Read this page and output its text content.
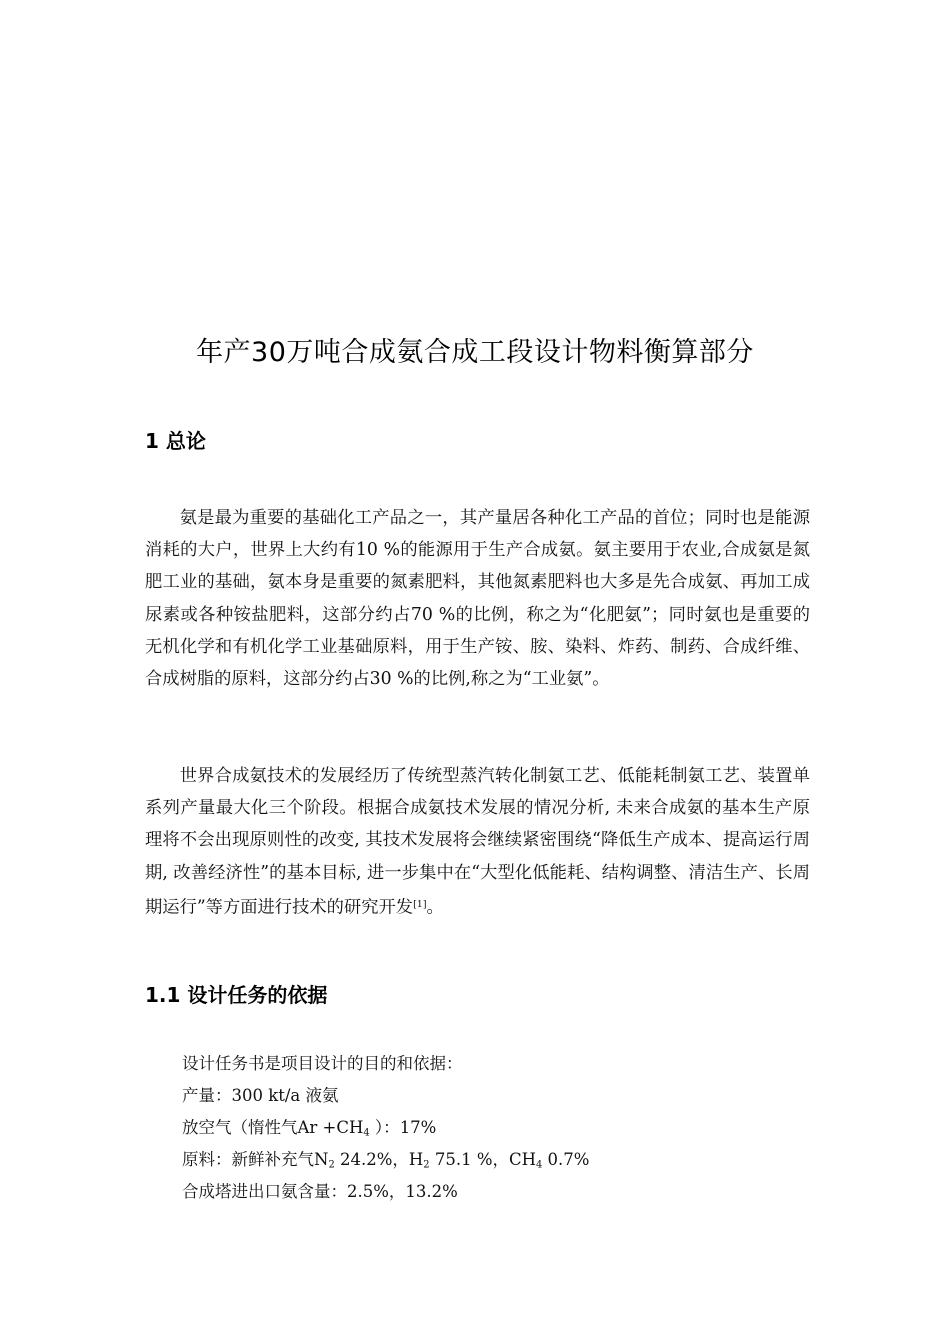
年产30万吨合成氨合成工段设计物料衡算部分
1 总论
氨是最为重要的基础化工产品之一，其产量居各种化工产品的首位；同时也是能源消耗的大户，世界上大约有10 %的能源用于生产合成氨。氨主要用于农业,合成氨是氮肥工业的基础，氨本身是重要的氮素肥料，其他氮素肥料也大多是先合成氨、再加工成尿素或各种铵盐肥料，这部分约占70 %的比例，称之为“化肥氨”；同时氨也是重要的无机化学和有机化学工业基础原料，用于生产铵、胺、染料、炸药、制药、合成纤维、合成树脂的原料，这部分约占30 %的比例,称之为“工业氨”。
世界合成氨技术的发展经历了传统型蒸汽转化制氨工艺、低能耗制氨工艺、装置单系列产量最大化三个阶段。根据合成氨技术发展的情况分析, 未来合成氨的基本生产原理将不会出现原则性的改变, 其技术发展将会继续紧密围绕“降低生产成本、提高运行周期, 改善经济性”的基本目标, 进一步集中在“大型化低能耗、结构调整、清洁生产、长周期运行”等方面进行技术的研究开发[1]。
1.1 设计任务的依据
设计任务书是项目设计的目的和依据：
产量：300 kt/a 液氨
放空气（惰性气$Ar +CH_4$ ）：17%
原料：新鲜补充气$N_2$ 24.2%，$H_2$ 75.1 %，$CH_4$ 0.7%
合成塔进出口氨含量：2.5%，13.2%
